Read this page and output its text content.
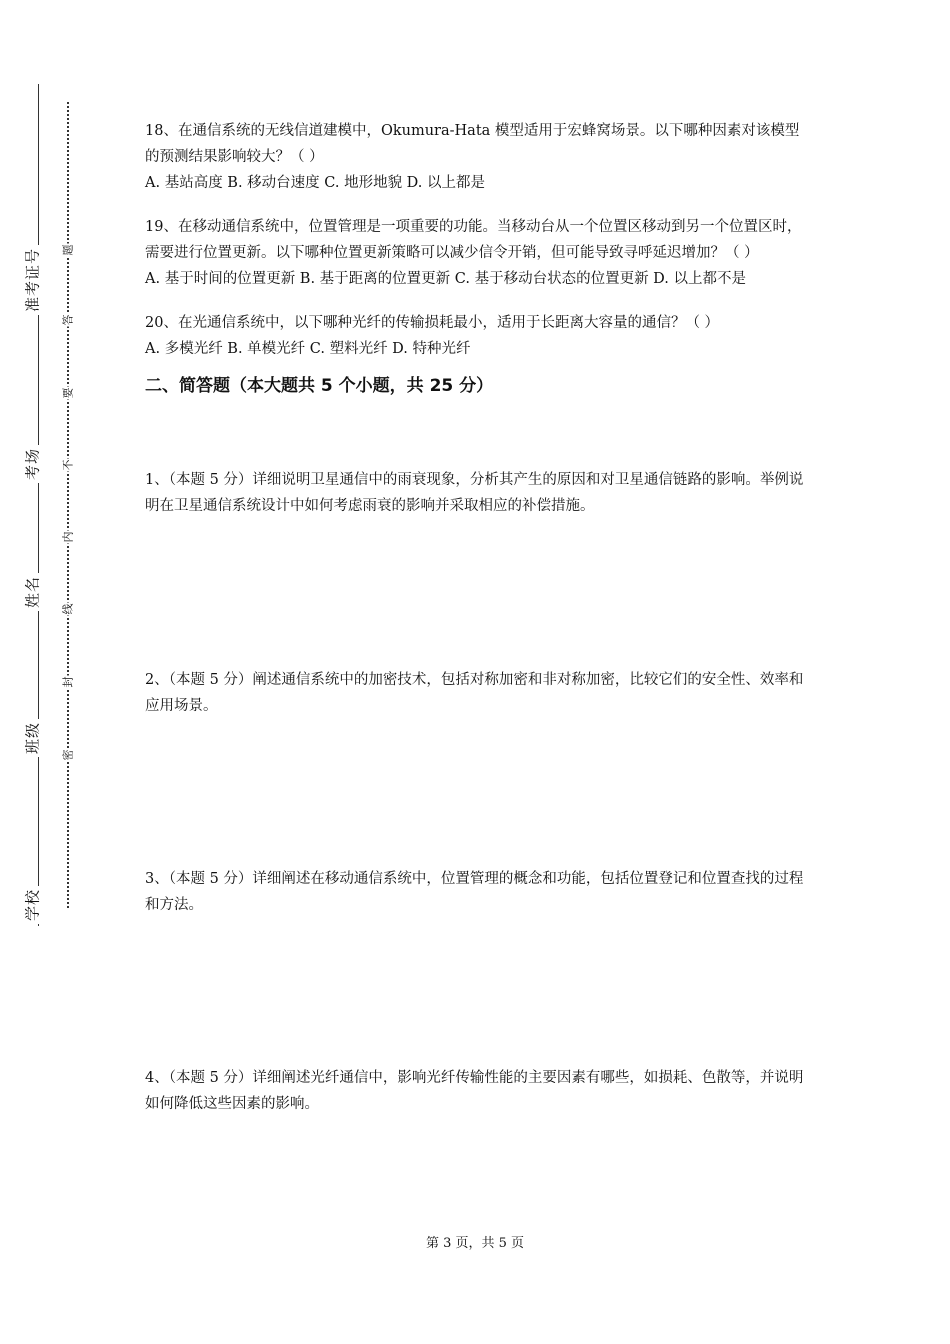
准考证号
考场
姓名
班级
学校
题
答
要
不
内
线
封
密

18、在通信系统的无线信道建模中，Okumura-Hata 模型适用于宏蜂窝场景。以下哪种因素对该模型的预测结果影响较大？（ ）

A. 基站高度 B. 移动台速度 C. 地形地貌 D. 以上都是

19、在移动通信系统中，位置管理是一项重要的功能。当移动台从一个位置区移动到另一个位置区时，需要进行位置更新。以下哪种位置更新策略可以减少信令开销，但可能导致寻呼延迟增加？（ ）

A. 基于时间的位置更新 B. 基于距离的位置更新 C. 基于移动台状态的位置更新 D. 以上都不是

20、在光通信系统中，以下哪种光纤的传输损耗最小，适用于长距离大容量的通信？（ ）

A. 多模光纤 B. 单模光纤 C. 塑料光纤 D. 特种光纤

二、简答题（本大题共 5 个小题，共 25 分）

1、（本题 5 分）详细说明卫星通信中的雨衰现象，分析其产生的原因和对卫星通信链路的影响。举例说明在卫星通信系统设计中如何考虑雨衰的影响并采取相应的补偿措施。

2、（本题 5 分）阐述通信系统中的加密技术，包括对称加密和非对称加密，比较它们的安全性、效率和应用场景。

3、（本题 5 分）详细阐述在移动通信系统中，位置管理的概念和功能，包括位置登记和位置查找的过程和方法。

4、（本题 5 分）详细阐述光纤通信中，影响光纤传输性能的主要因素有哪些，如损耗、色散等，并说明如何降低这些因素的影响。

第 3 页，共 5 页
